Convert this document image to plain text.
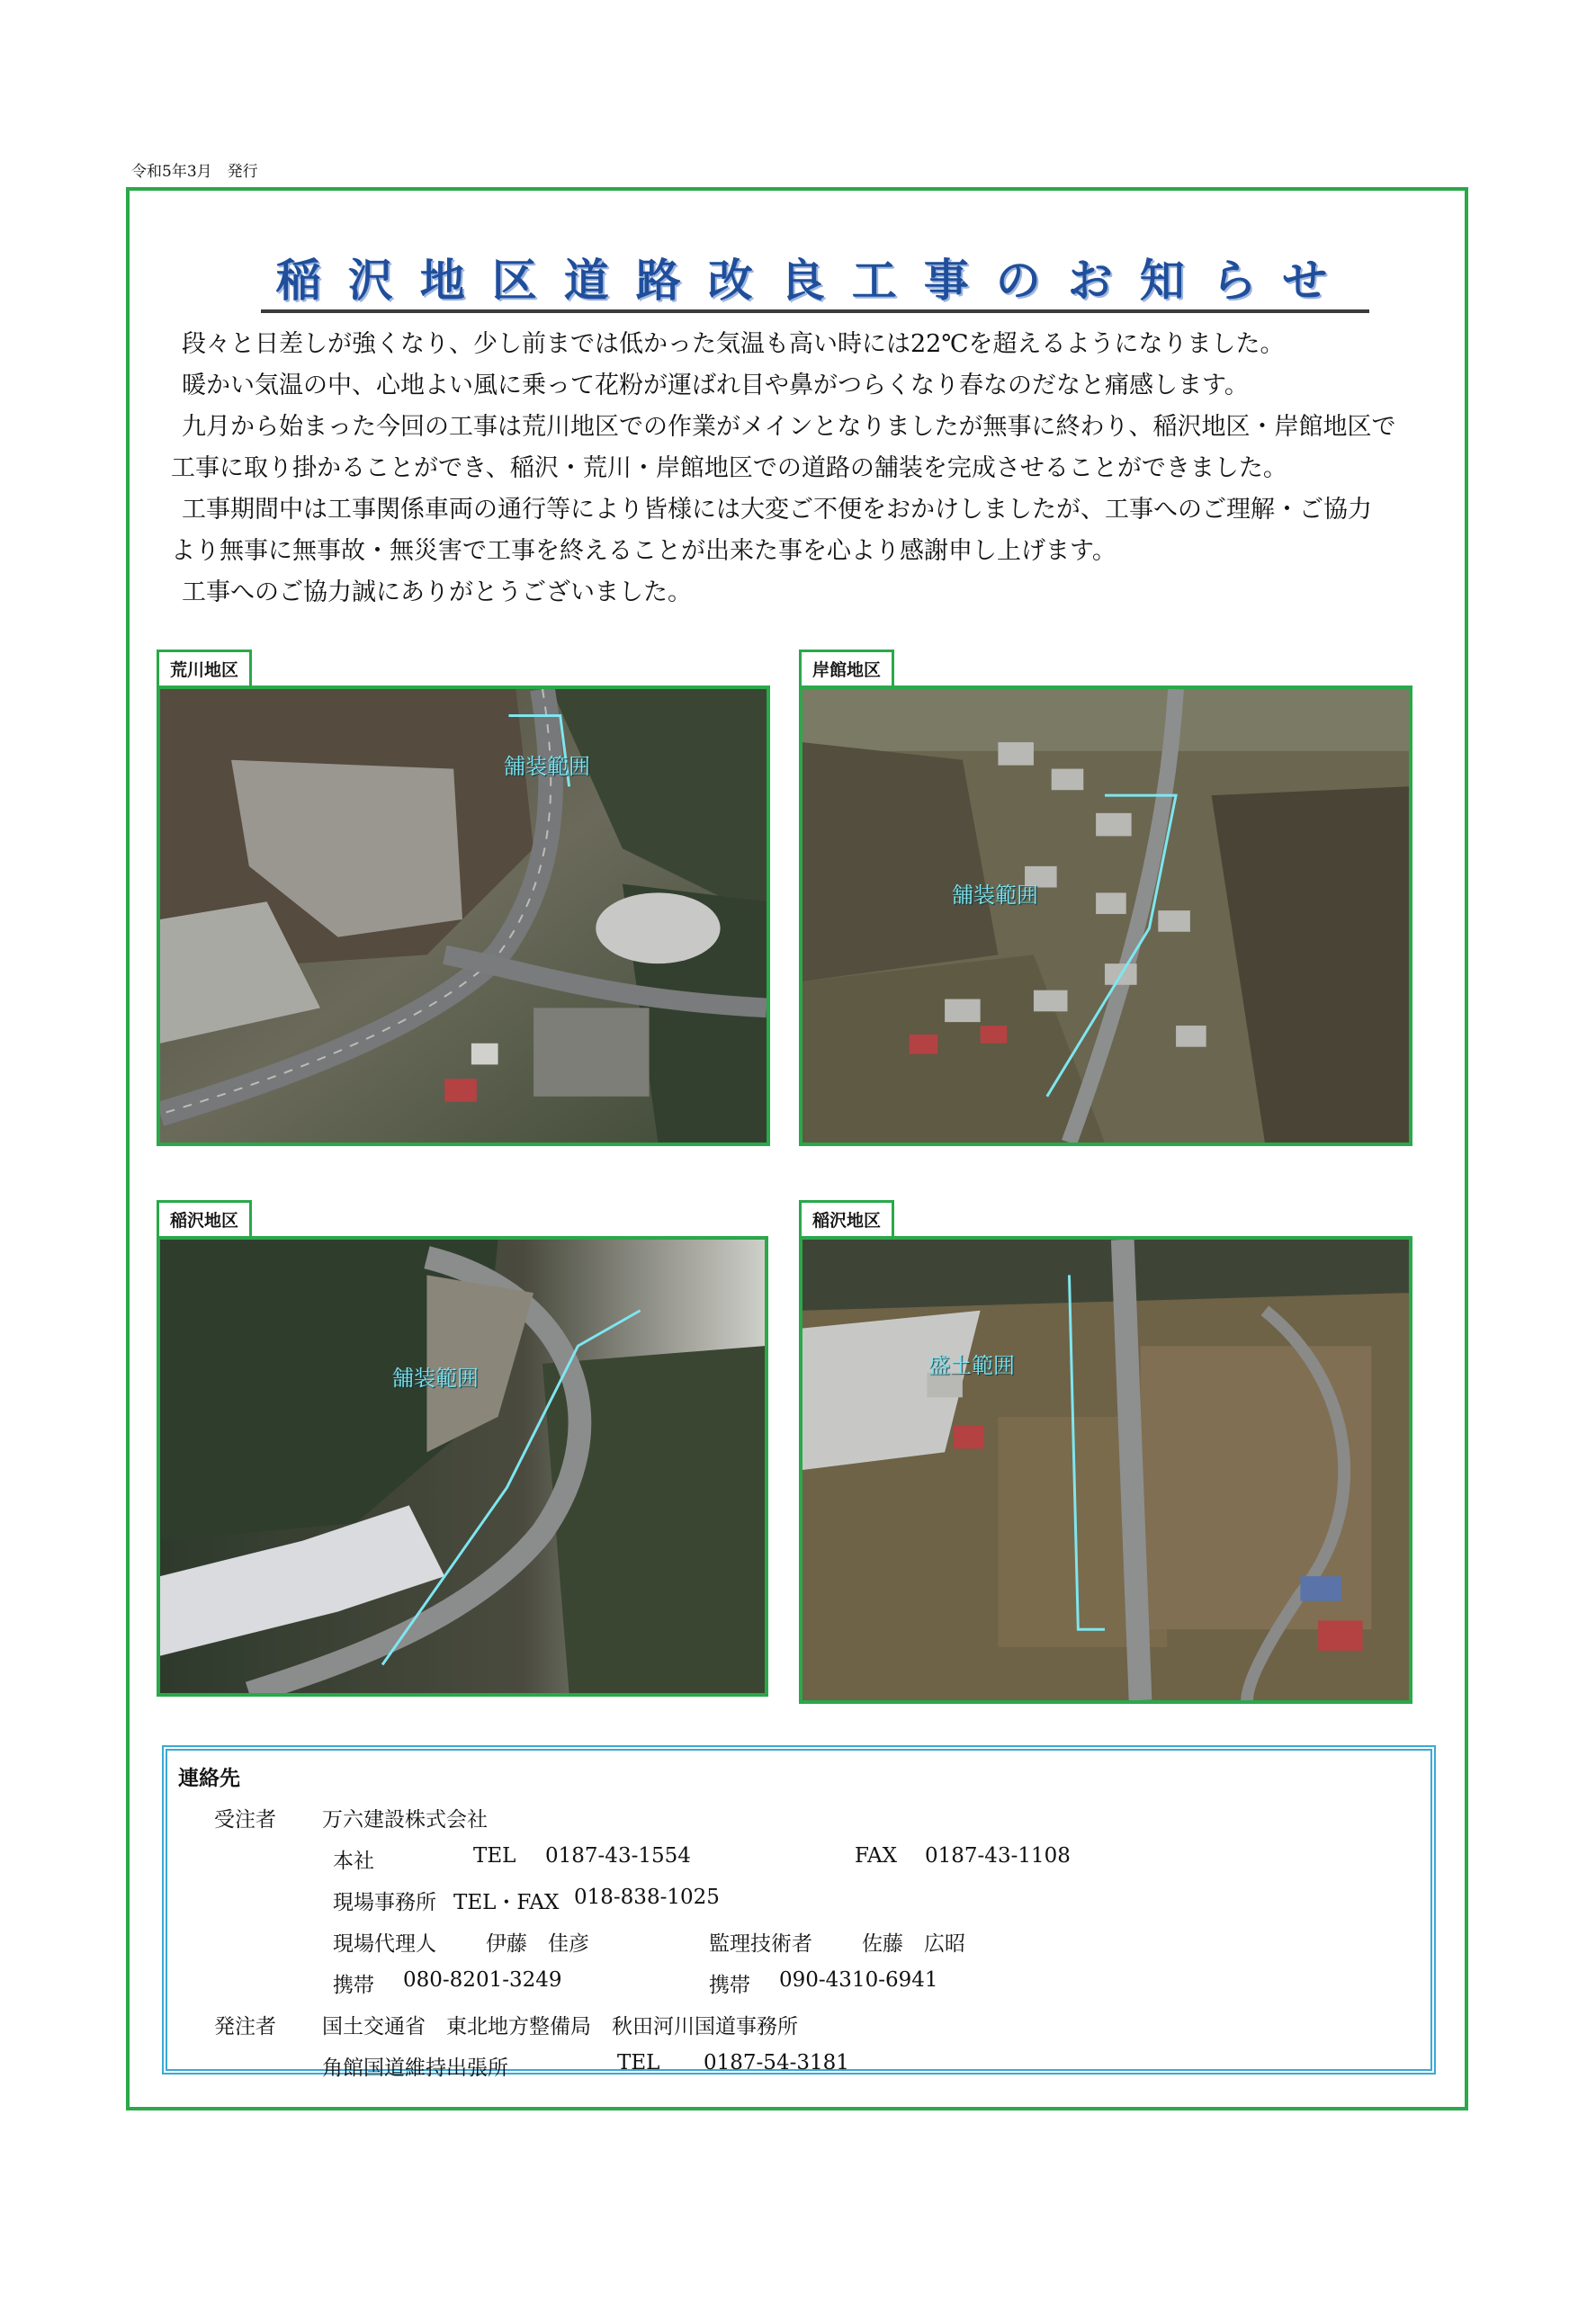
令和5年3月　発行
稲沢地区道路改良工事のお知らせ

段々と日差しが強くなり、少し前までは低かった気温も高い時には22℃を超えるようになりました。

暖かい気温の中、心地よい風に乗って花粉が運ばれ目や鼻がつらくなり春なのだなと痛感します。

九月から始まった今回の工事は荒川地区での作業がメインとなりましたが無事に終わり、稲沢地区・岸館地区で

工事に取り掛かることができ、稲沢・荒川・岸館地区での道路の舗装を完成させることができました。

工事期間中は工事関係車両の通行等により皆様には大変ご不便をおかけしましたが、工事へのご理解・ご協力

より無事に無事故・無災害で工事を終えることが出来た事を心より感謝申し上げます。

工事へのご協力誠にありがとうございました。

荒川地区
舗装範囲
岸館地区
舗装範囲
稲沢地区
舗装範囲
稲沢地区
盛土範囲
連絡先
受注者 万六建設株式会社
本社	TEL 0187-43-1554	FAX 0187-43-1108
現場事務所 TEL・FAX 018-838-1025
現場代理人 伊藤　佳彦	監理技術者 佐藤　広昭
携帯 080-8201-3249	携帯 090-4310-6941
発注者 国土交通省　東北地方整備局　秋田河川国道事務所
角館国道維持出張所	TEL 0187-54-3181
